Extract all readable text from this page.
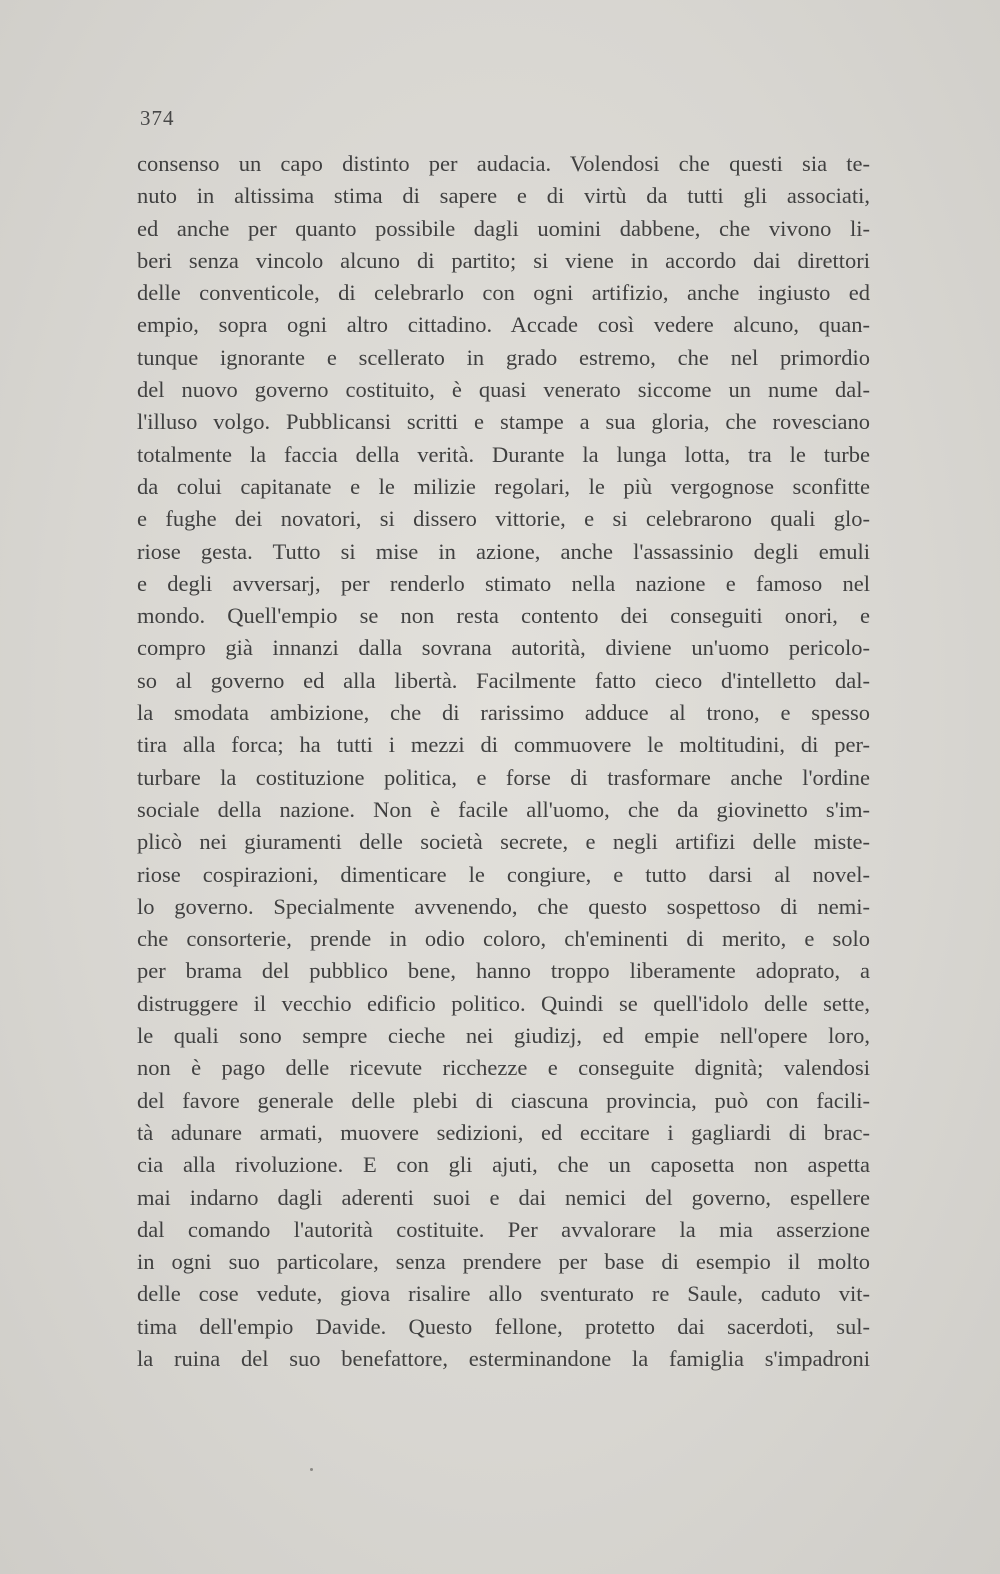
374
consenso un capo distinto per audacia. Volendosi che questi sia te-
nuto in altissima stima di sapere e di virtù da tutti gli associati,
ed anche per quanto possibile dagli uomini dabbene, che vivono li-
beri senza vincolo alcuno di partito; si viene in accordo dai direttori
delle conventicole, di celebrarlo con ogni artifizio, anche ingiusto ed
empio, sopra ogni altro cittadino. Accade così vedere alcuno, quan-
tunque ignorante e scellerato in grado estremo, che nel primordio
del nuovo governo costituito, è quasi venerato siccome un nume dal-
l'illuso volgo. Pubblicansi scritti e stampe a sua gloria, che rovesciano
totalmente la faccia della verità. Durante la lunga lotta, tra le turbe
da colui capitanate e le milizie regolari, le più vergognose sconfitte
e fughe dei novatori, si dissero vittorie, e si celebrarono quali glo-
riose gesta. Tutto si mise in azione, anche l'assassinio degli emuli
e degli avversarj, per renderlo stimato nella nazione e famoso nel
mondo. Quell'empio se non resta contento dei conseguiti onori, e
compro già innanzi dalla sovrana autorità, diviene un'uomo pericolo-
so al governo ed alla libertà. Facilmente fatto cieco d'intelletto dal-
la smodata ambizione, che di rarissimo adduce al trono, e spesso
tira alla forca; ha tutti i mezzi di commuovere le moltitudini, di per-
turbare la costituzione politica, e forse di trasformare anche l'ordine
sociale della nazione. Non è facile all'uomo, che da giovinetto s'im-
plicò nei giuramenti delle società secrete, e negli artifizi delle miste-
riose cospirazioni, dimenticare le congiure, e tutto darsi al novel-
lo governo. Specialmente avvenendo, che questo sospettoso di nemi-
che consorterie, prende in odio coloro, ch'eminenti di merito, e solo
per brama del pubblico bene, hanno troppo liberamente adoprato, a
distruggere il vecchio edificio politico. Quindi se quell'idolo delle sette,
le quali sono sempre cieche nei giudizj, ed empie nell'opere loro,
non è pago delle ricevute ricchezze e conseguite dignità; valendosi
del favore generale delle plebi di ciascuna provincia, può con facili-
tà adunare armati, muovere sedizioni, ed eccitare i gagliardi di brac-
cia alla rivoluzione. E con gli ajuti, che un caposetta non aspetta
mai indarno dagli aderenti suoi e dai nemici del governo, espellere
dal comando l'autorità costituite. Per avvalorare la mia asserzione
in ogni suo particolare, senza prendere per base di esempio il molto
delle cose vedute, giova risalire allo sventurato re Saule, caduto vit-
tima dell'empio Davide. Questo fellone, protetto dai sacerdoti, sul-
la ruina del suo benefattore, esterminandone la famiglia s'impadroni
